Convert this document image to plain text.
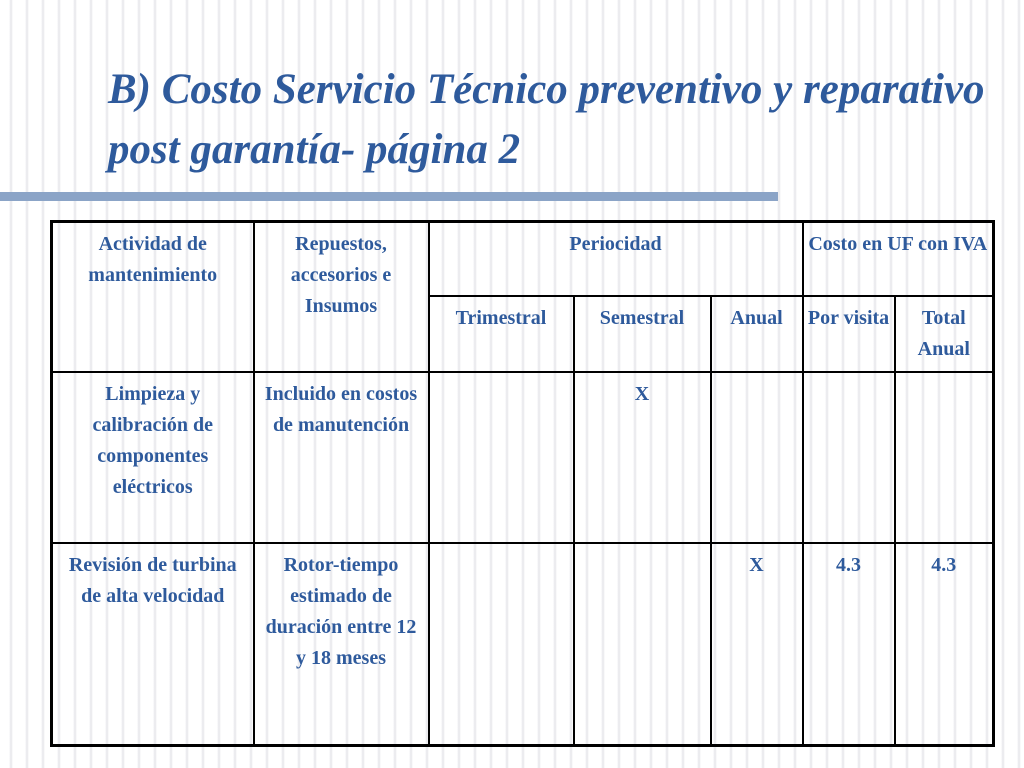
B) Costo Servicio Técnico preventivo y reparativo post garantía- página 2
Actividad de mantenimiento	Repuestos, accesorios e Insumos	Periocidad			Costo en UF con IVA	
		Trimestral	Semestral	Anual	Por visita	Total Anual
Limpieza y calibración de componentes eléctricos	Incluido en costos de manutención		X			
Revisión de turbina de alta velocidad	Rotor-tiempo estimado de duración entre 12 y 18 meses			X	4.3	4.3
